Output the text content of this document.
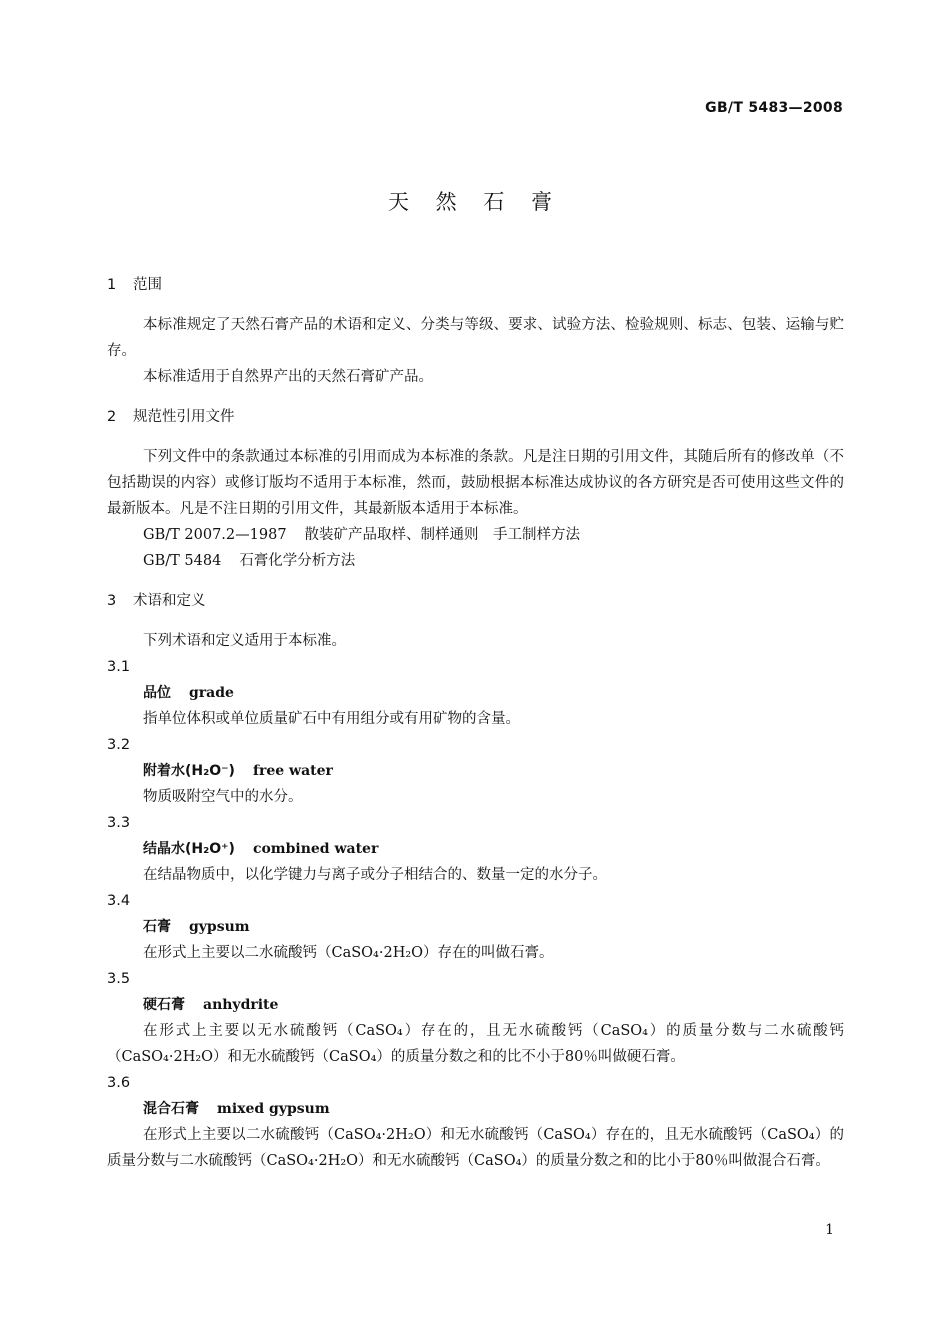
GB/T 5483—2008
天 然 石 膏

1 范围

本标准规定了天然石膏产品的术语和定义、分类与等级、要求、试验方法、检验规则、标志、包装、运输与贮存。

本标准适用于自然界产出的天然石膏矿产品。

2 规范性引用文件

下列文件中的条款通过本标准的引用而成为本标准的条款。凡是注日期的引用文件，其随后所有的修改单（不包括勘误的内容）或修订版均不适用于本标准，然而，鼓励根据本标准达成协议的各方研究是否可使用这些文件的最新版本。凡是不注日期的引用文件，其最新版本适用于本标准。

GB/T 2007.2—1987 散装矿产品取样、制样通则　手工制样方法

GB/T 5484 石膏化学分析方法

3 术语和定义

下列术语和定义适用于本标准。

3.1

品位 grade

指单位体积或单位质量矿石中有用组分或有用矿物的含量。

3.2

附着水(H₂O⁻) free water

物质吸附空气中的水分。

3.3

结晶水(H₂O⁺) combined water

在结晶物质中，以化学键力与离子或分子相结合的、数量一定的水分子。

3.4

石膏 gypsum

在形式上主要以二水硫酸钙（CaSO₄·2H₂O）存在的叫做石膏。

3.5

硬石膏 anhydrite

在形式上主要以无水硫酸钙（CaSO₄）存在的，且无水硫酸钙（CaSO₄）的质量分数与二水硫酸钙（CaSO₄·2H₂O）和无水硫酸钙（CaSO₄）的质量分数之和的比不小于80％叫做硬石膏。

3.6

混合石膏 mixed gypsum

在形式上主要以二水硫酸钙（CaSO₄·2H₂O）和无水硫酸钙（CaSO₄）存在的，且无水硫酸钙（CaSO₄）的质量分数与二水硫酸钙（CaSO₄·2H₂O）和无水硫酸钙（CaSO₄）的质量分数之和的比小于80％叫做混合石膏。

1
